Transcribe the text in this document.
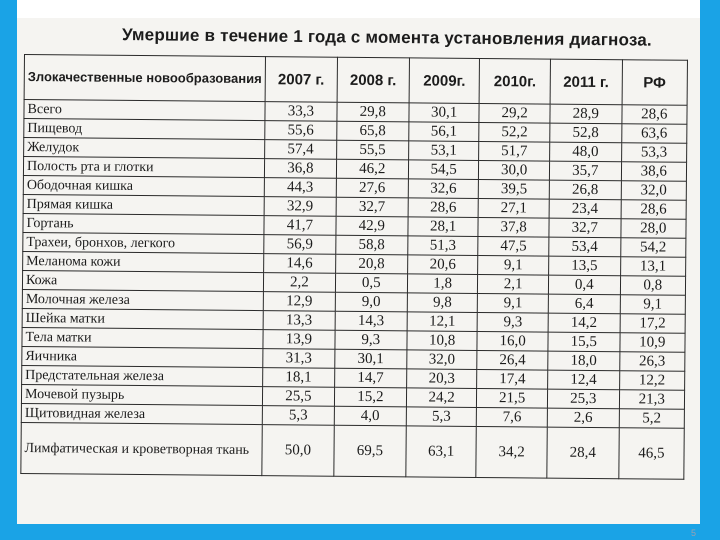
Умершие в течение 1 года с момента установления диагноза.
Злокачественные новообразования	2007 г.	2008 г.	2009г.	2010г.	2011 г.	РФ
Всего	33,3	29,8	30,1	29,2	28,9	28,6
Пищевод	55,6	65,8	56,1	52,2	52,8	63,6
Желудок	57,4	55,5	53,1	51,7	48,0	53,3
Полость рта и глотки	36,8	46,2	54,5	30,0	35,7	38,6
Ободочная кишка	44,3	27,6	32,6	39,5	26,8	32,0
Прямая кишка	32,9	32,7	28,6	27,1	23,4	28,6
Гортань	41,7	42,9	28,1	37,8	32,7	28,0
Трахеи, бронхов, легкого	56,9	58,8	51,3	47,5	53,4	54,2
Меланома кожи	14,6	20,8	20,6	9,1	13,5	13,1
Кожа	2,2	0,5	1,8	2,1	0,4	0,8
Молочная железа	12,9	9,0	9,8	9,1	6,4	9,1
Шейка матки	13,3	14,3	12,1	9,3	14,2	17,2
Тела матки	13,9	9,3	10,8	16,0	15,5	10,9
Яичника	31,3	30,1	32,0	26,4	18,0	26,3
Предстательная железа	18,1	14,7	20,3	17,4	12,4	12,2
Мочевой пузырь	25,5	15,2	24,2	21,5	25,3	21,3
Щитовидная железа	5,3	4,0	5,3	7,6	2,6	5,2
Лимфатическая и кроветворная ткань	50,0	69,5	63,1	34,2	28,4	46,5
5
